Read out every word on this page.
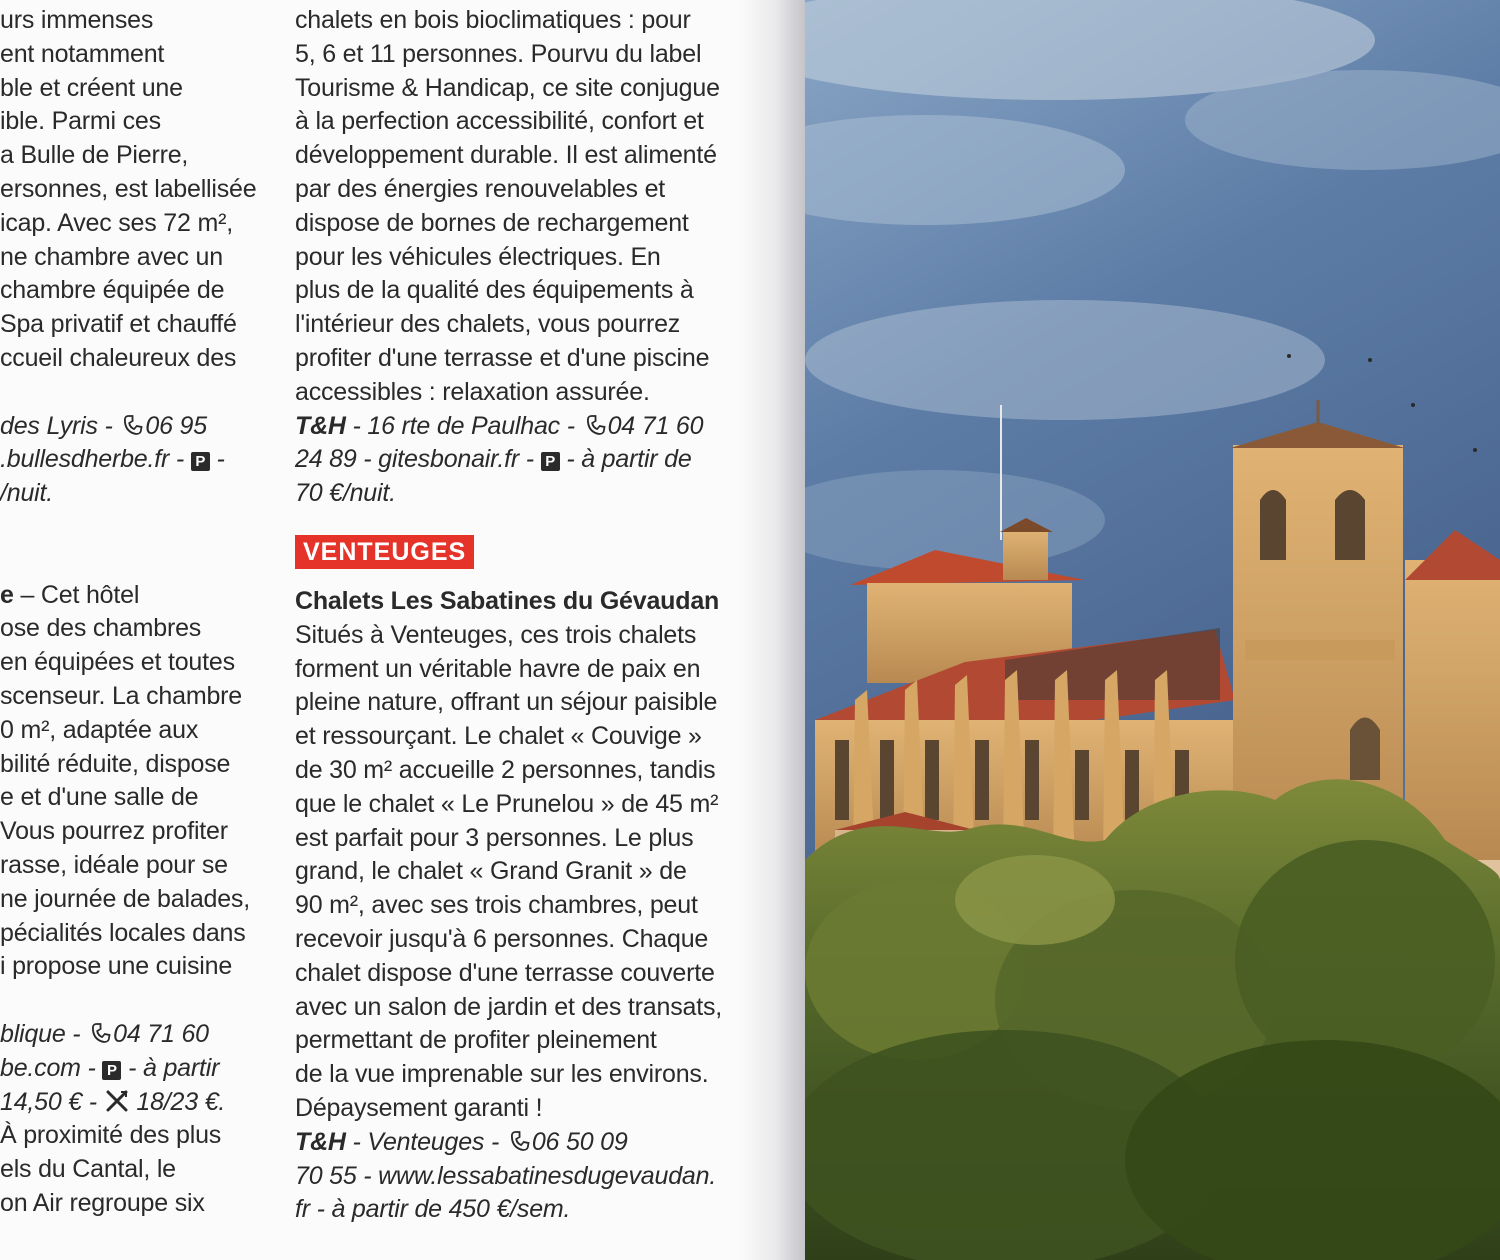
urs immenses
ent notamment
ble et créent une
ible. Parmi ces
a Bulle de Pierre,
ersonnes, est labellisée
icap. Avec ses 72 m²,
ne chambre avec un
chambre équipée de
Spa privatif et chauffé
ccueil chaleureux des
des Lyris - 06 95
.bullesdherbe.fr - P -
/nuit.
e – Cet hôtel
ose des chambres
en équipées et toutes
scenseur. La chambre
0 m², adaptée aux
bilité réduite, dispose
e et d'une salle de
Vous pourrez profiter
rasse, idéale pour se
ne journée de balades,
pécialités locales dans
i propose une cuisine
blique - 04 71 60
be.com - P - à partir
14,50 € -  18/23 €.
À proximité des plus
els du Cantal, le
on Air regroupe six
chalets en bois bioclimatiques : pour
5, 6 et 11 personnes. Pourvu du label
Tourisme & Handicap, ce site conjugue
à la perfection accessibilité, confort et
développement durable. Il est alimenté
par des énergies renouvelables et
dispose de bornes de rechargement
pour les véhicules électriques. En
plus de la qualité des équipements à
l'intérieur des chalets, vous pourrez
profiter d'une terrasse et d'une piscine
accessibles : relaxation assurée.
T&H - 16 rte de Paulhac - 04 71 60
24 89 - gitesbonair.fr - P - à partir de
70 €/nuit.
VENTEUGES
Chalets Les Sabatines du Gévaudan
Situés à Venteuges, ces trois chalets
forment un véritable havre de paix en
pleine nature, offrant un séjour paisible
et ressourçant. Le chalet « Couvige »
de 30 m² accueille 2 personnes, tandis
que le chalet « Le Prunelou » de 45 m²
est parfait pour 3 personnes. Le plus
grand, le chalet « Grand Granit » de
90 m², avec ses trois chambres, peut
recevoir jusqu'à 6 personnes. Chaque
chalet dispose d'une terrasse couverte
avec un salon de jardin et des transats,
permettant de profiter pleinement
de la vue imprenable sur les environs.
Dépaysement garanti !
T&H - Venteuges - 06 50 09
70 55 - www.lessabatinesdugevaudan.
fr - à partir de 450 €/sem.
